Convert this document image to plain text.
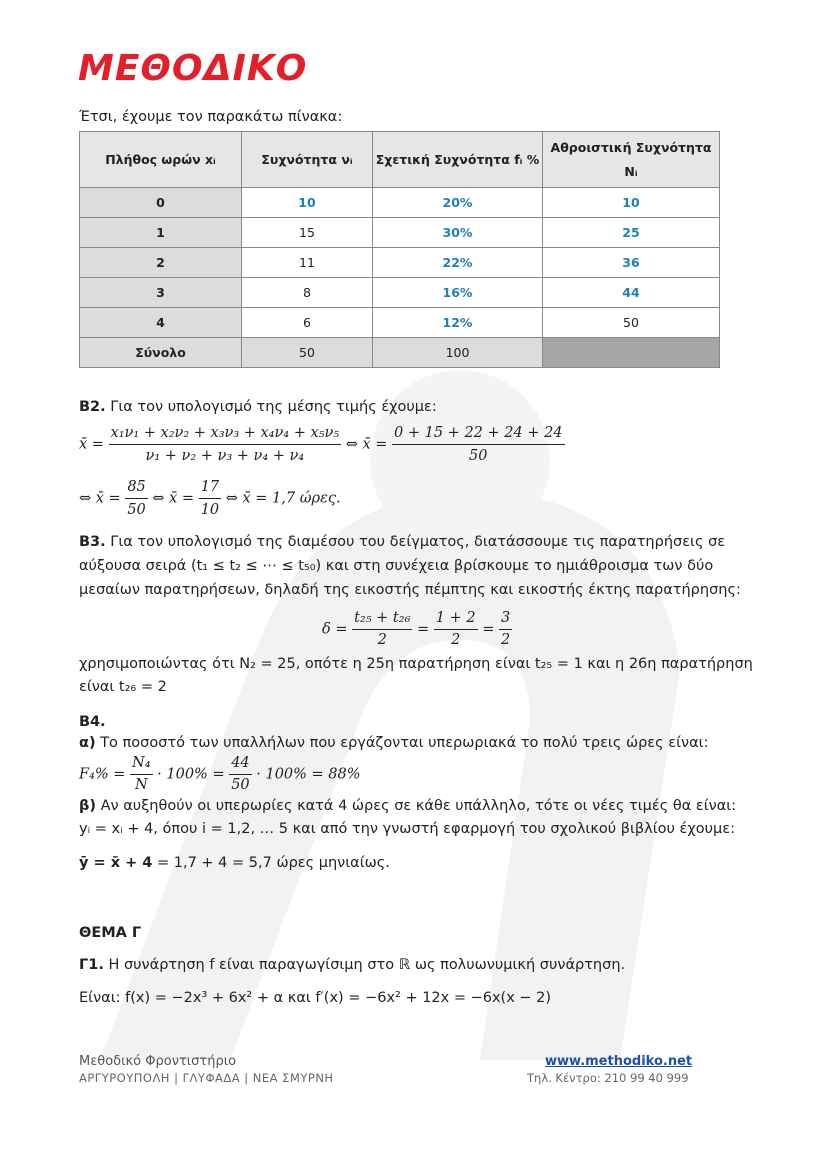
ΜΕΘΟΔΙΚΟ
Έτσι, έχουμε τον παρακάτω πίνακα:
Πλήθος ωρών xᵢ	Συχνότητα νᵢ	Σχετική Συχνότητα fᵢ %	Αθροιστική Συχνότητα Nᵢ
0	10	20%	10
1	15	30%	25
2	11	22%	36
3	8	16%	44
4	6	12%	50
Σύνολο	50	100	
B2. Για τον υπολογισμό της μέσης τιμής έχουμε:
x̄ = $\frac{\text{x₁ν₁ + x₂ν₂ + x₃ν₃ + x₄ν₄ + x₅ν₅}}{\text{ν₁ + ν₂ + ν₃ + ν₄ + ν₄}}$ ⇔ x̄ = $\frac{0 + 15 + 22 + 24 + 24}{50}$
⇔ x̄ = $\frac{85}{50}$ ⇔ x̄ = $\frac{17}{10}$ ⇔ x̄ = 1,7 ώρες.
B3. Για τον υπολογισμό της διαμέσου του δείγματος, διατάσσουμε τις παρατηρήσεις σε
αύξουσα σειρά (t₁ ≤ t₂ ≤ ⋯ ≤ t₅₀) και στη συνέχεια βρίσκουμε το ημιάθροισμα των δύο
μεσαίων παρατηρήσεων, δηλαδή της εικοστής πέμπτης και εικοστής έκτης παρατήρησης:
$\delta = \frac{\text{t₂₅ + t₂₆}}{2} = \frac{1 + 2}{2} = \frac{3}{2}$
χρησιμοποιώντας ότι N₂ = 25, οπότε η 25η παρατήρηση είναι t₂₅ = 1 και η 26η παρατήρηση
είναι t₂₆ = 2
B4.
α) Το ποσοστό των υπαλλήλων που εργάζονται υπερωριακά το πολύ τρεις ώρες είναι:
$F_4\% = \frac{\text{N₄}}{N} \cdot 100\% = \frac{44}{50} \cdot 100\% = 88\%$
β) Αν αυξηθούν οι υπερωρίες κατά 4 ώρες σε κάθε υπάλληλο, τότε οι νέες τιμές θα είναι:
yᵢ = xᵢ + 4, όπου i = 1,2, … 5 και από την γνωστή εφαρμογή του σχολικού βιβλίου έχουμε:
ȳ = x̄ + 4 = 1,7 + 4 = 5,7 ώρες μηνιαίως.
ΘΕΜΑ Γ
Γ1. Η συνάρτηση f είναι παραγωγίσιμη στο ℝ ως πολυωνυμική συνάρτηση.
Είναι: f(x) = −2x³ + 6x² + α και f′(x) = −6x² + 12x = −6x(x − 2)
Μεθοδικό Φροντιστήριο
ΑΡΓΥΡΟΥΠΟΛΗ | ΓΛΥΦΑΔΑ | ΝΕΑ ΣΜΥΡΝΗ
www.methodiko.net
Τηλ. Κέντρο: 210 99 40 999
